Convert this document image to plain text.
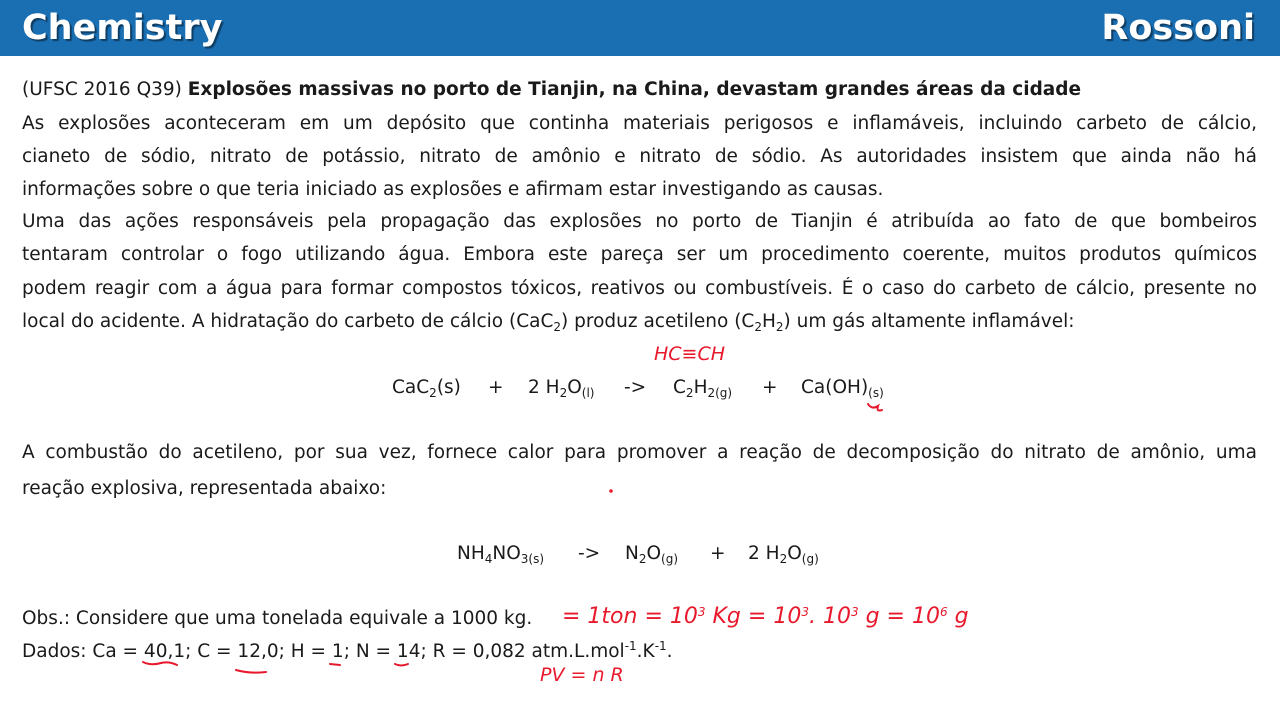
Chemistry	Rossoni
(UFSC 2016 Q39) Explosões massivas no porto de Tianjin, na China, devastam grandes áreas da cidade
As explosões aconteceram em um depósito que continha materiais perigosos e inflamáveis, incluindo carbeto de cálcio,
cianeto de sódio, nitrato de potássio, nitrato de amônio e nitrato de sódio. As autoridades insistem que ainda não há
informações sobre o que teria iniciado as explosões e afirmam estar investigando as causas.
Uma das ações responsáveis pela propagação das explosões no porto de Tianjin é atribuída ao fato de que bombeiros
tentaram controlar o fogo utilizando água. Embora este pareça ser um procedimento coerente, muitos produtos químicos
podem reagir com a água para formar compostos tóxicos, reativos ou combustíveis. É o caso do carbeto de cálcio, presente no
local do acidente. A hidratação do carbeto de cálcio (CaC$_2$) produz acetileno $(C_2H_2)$ um gás altamente inflamável:
CaC$_2$(s) + 2 $H_2O_{(l)} -> C_2H_{2(g)} + Ca(OH)_{(s)}$
A combustão do acetileno, por sua vez, fornece calor para promover a reação de decomposição do nitrato de amônio, uma
reação explosiva, representada abaixo:
$NH_4NO_{3(s)} -> N_2O_{(g)} + 2$ $H_2O_{(g)}$
Obs.: Considere que uma tonelada equivale a 1000 kg.
Dados: Ca = 40,1; C = 12,0; H = 1; N = 14; R = 0,082 $atm.L.mol^{-1}.K^{-1}$.
HC≡CH
= $1ton = 10^3$ $Kg = 10^3$. $10^3$ $g = 10^6$ g
PV = n R
